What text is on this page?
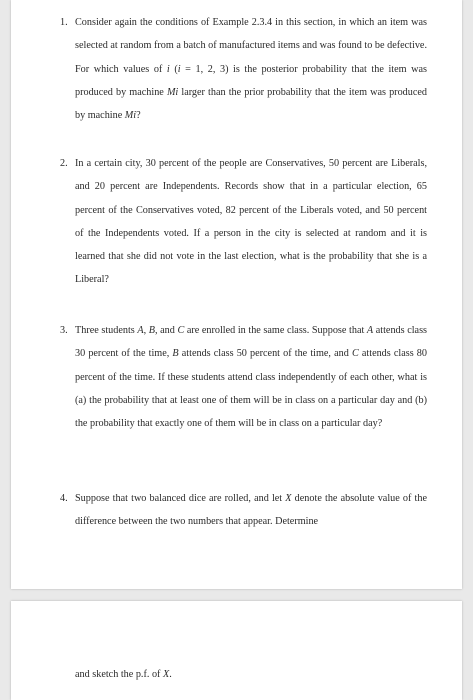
1. Consider again the conditions of Example 2.3.4 in this section, in which an item was selected at random from a batch of manufactured items and was found to be defective. For which values of i (i = 1, 2, 3) is the posterior probability that the item was produced by machine Mi larger than the prior probability that the item was produced by machine Mi?
2. In a certain city, 30 percent of the people are Conservatives, 50 percent are Liberals, and 20 percent are Independents. Records show that in a particular election, 65 percent of the Conservatives voted, 82 percent of the Liberals voted, and 50 percent of the Independents voted. If a person in the city is selected at random and it is learned that she did not vote in the last election, what is the probability that she is a Liberal?
3. Three students A, B, and C are enrolled in the same class. Suppose that A attends class 30 percent of the time, B attends class 50 percent of the time, and C attends class 80 percent of the time. If these students attend class independently of each other, what is (a) the probability that at least one of them will be in class on a particular day and (b) the probability that exactly one of them will be in class on a particular day?
4. Suppose that two balanced dice are rolled, and let X denote the absolute value of the difference between the two numbers that appear. Determine
and sketch the p.f. of X.
